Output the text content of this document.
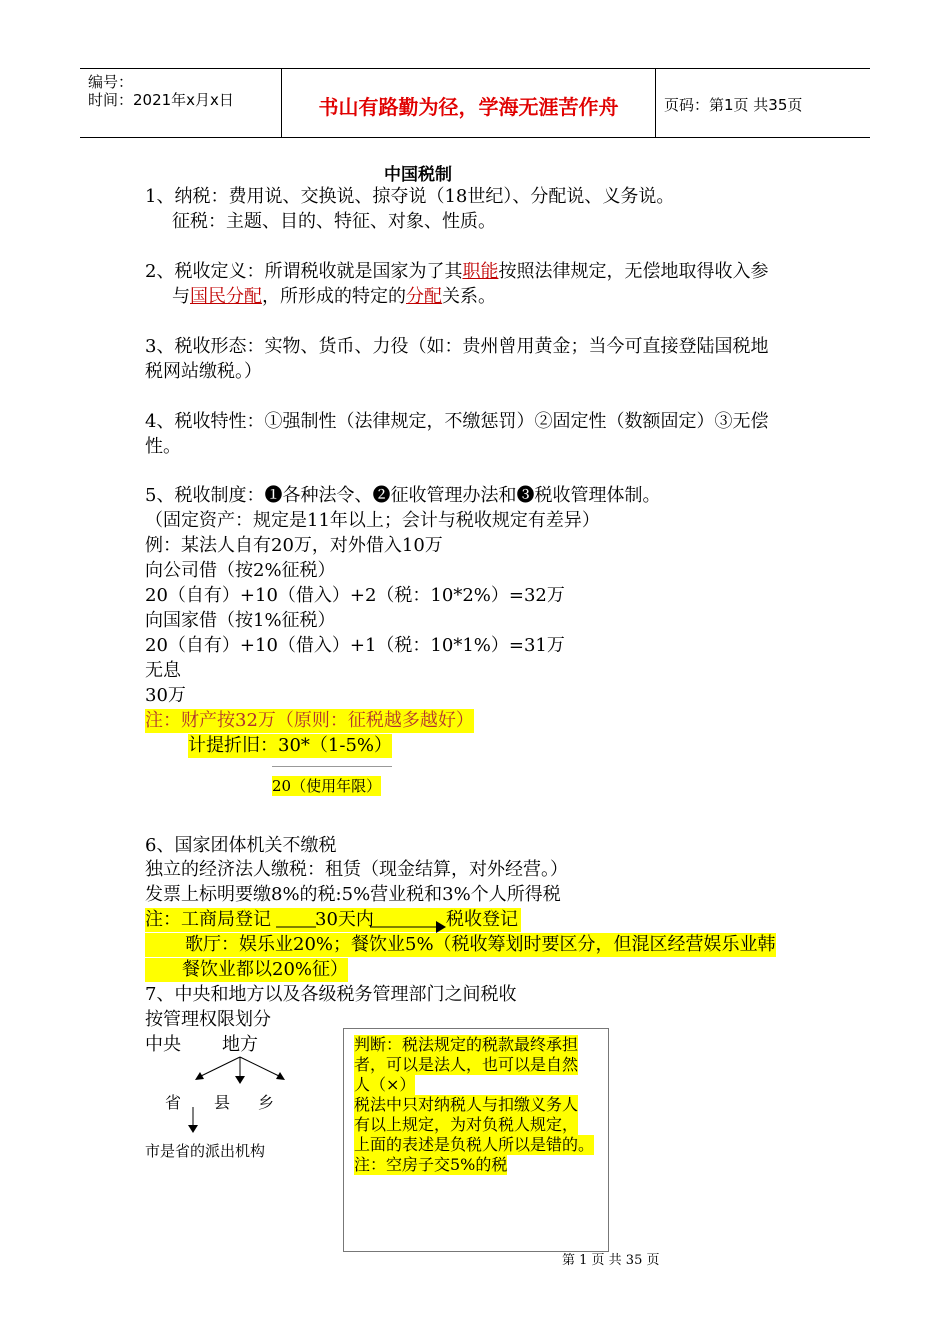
编号：
时间：2021年x月x日	书山有路勤为径，学海无涯苦作舟	页码：第1页 共35页
中国税制
1、纳税：费用说、交换说、掠夺说（18世纪）、分配说、义务说。
征税：主题、目的、特征、对象、性质。
2、税收定义：所谓税收就是国家为了其职能按照法律规定，无偿地取得收入参
与国民分配，所形成的特定的分配关系。
3、税收形态：实物、货币、力役（如：贵州曾用黄金；当今可直接登陆国税地
税网站缴税。）
4、税收特性：①强制性（法律规定，不缴惩罚）②固定性（数额固定）③无偿
性。
5、税收制度：❶各种法令、❷征收管理办法和❸税收管理体制。
（固定资产：规定是11年以上；会计与税收规定有差异）
例：某法人自有20万，对外借入10万
向公司借（按2%征税）
20（自有）+10（借入）+2（税：10*2%）=32万
向国家借（按1%征税）
20（自有）+10（借入）+1（税：10*1%）=31万
无息
30万
注：财产按32万（原则：征税越多越好）
计提折旧：30*（1-5%）
20（使用年限）
6、国家团体机关不缴税
独立的经济法人缴税：租赁（现金结算，对外经营。）
发票上标明要缴8%的税:5%营业税和3%个人所得税
注：工商局登记	30天内	税收登记
歌厅：娱乐业20%；餐饮业5%（税收筹划时要区分，但混区经营娱乐业韩
餐饮业都以20%征）
7、中央和地方以及各级税务管理部门之间税收
按管理权限划分
中央 地方
省 县 乡
市是省的派出机构
判断：税法规定的税款最终承担
者，可以是法人，也可以是自然
人（×）
税法中只对纳税人与扣缴义务人
有以上规定，为对负税人规定，
上面的表述是负税人所以是错的。
注：空房子交5%的税
第 1 页 共 35 页
